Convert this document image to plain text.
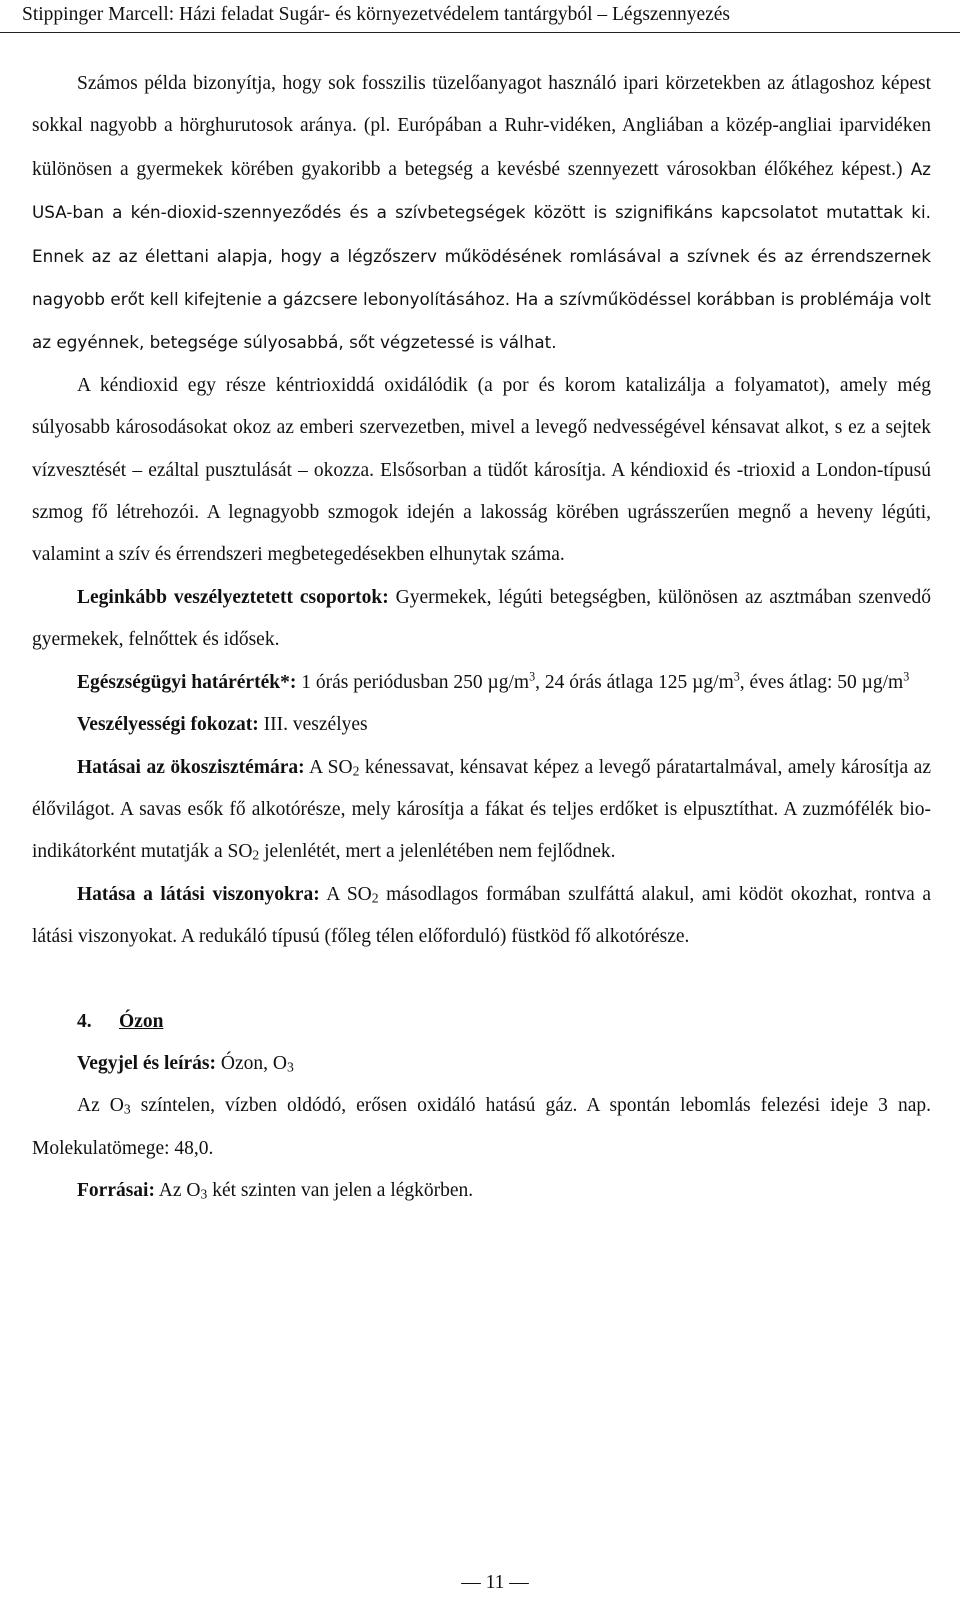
Stippinger Marcell: Házi feladat Sugár- és környezetvédelem tantárgyból – Légszennyezés

Számos példa bizonyítja, hogy sok fosszilis tüzelőanyagot használó ipari körzetekben az átlagoshoz képest sokkal nagyobb a hörghurutosok aránya. (pl. Európában a Ruhr-vidéken, Angliában a közép-angliai iparvidéken különösen a gyermekek körében gyakoribb a betegség a kevésbé szennyezett városokban élőkéhez képest.) Az USA-ban a kén-dioxid-szennyeződés és a szívbetegségek között is szignifikáns kapcsolatot mutattak ki. Ennek az az élettani alapja, hogy a légzőszerv működésének romlásával a szívnek és az érrendszernek nagyobb erőt kell kifejtenie a gázcsere lebonyolításához. Ha a szívműködéssel korábban is problémája volt az egyénnek, betegsége súlyosabbá, sőt végzetessé is válhat.

A kéndioxid egy része kéntrioxiddá oxidálódik (a por és korom katalizálja a folyamatot), amely még súlyosabb károsodásokat okoz az emberi szervezetben, mivel a levegő nedvességével kénsavat alkot, s ez a sejtek vízvesztését – ezáltal pusztulását – okozza. Elsősorban a tüdőt károsítja. A kéndioxid és -trioxid a London-típusú szmog fő létrehozói. A legnagyobb szmogok idején a lakosság körében ugrásszerűen megnő a heveny légúti, valamint a szív és érrendszeri megbetegedésekben elhunytak száma.

Leginkább veszélyeztetett csoportok: Gyermekek, légúti betegségben, különösen az asztmában szenvedő gyermekek, felnőttek és idősek.

Egészségügyi határérték*: 1 órás periódusban 250 $\mu g/m^3$, 24 órás átlaga 125 $\mu g/m^3$, éves átlag: 50 $\mu g/m^3$

Veszélyességi fokozat: III. veszélyes

Hatásai az ökoszisztémára: A SO2 kénessavat, kénsavat képez a levegő páratartalmával, amely károsítja az élővilágot. A savas esők fő alkotórésze, mely károsítja a fákat és teljes erdőket is elpusztíthat. A zuzmófélék bio-indikátorként mutatják a SO2 jelenlétét, mert a jelenlétében nem fejlődnek.

Hatása a látási viszonyokra: A SO2 másodlagos formában szulfáttá alakul, ami ködöt okozhat, rontva a látási viszonyokat. A redukáló típusú (főleg télen előforduló) füstköd fő alkotórésze.

4. Ózon

Vegyjel és leírás: Ózon, O3

Az O3 színtelen, vízben oldódó, erősen oxidáló hatású gáz. A spontán lebomlás felezési ideje 3 nap. Molekulatömege: 48,0.

Forrásai: Az O3 két szinten van jelen a légkörben.

— 11 —
